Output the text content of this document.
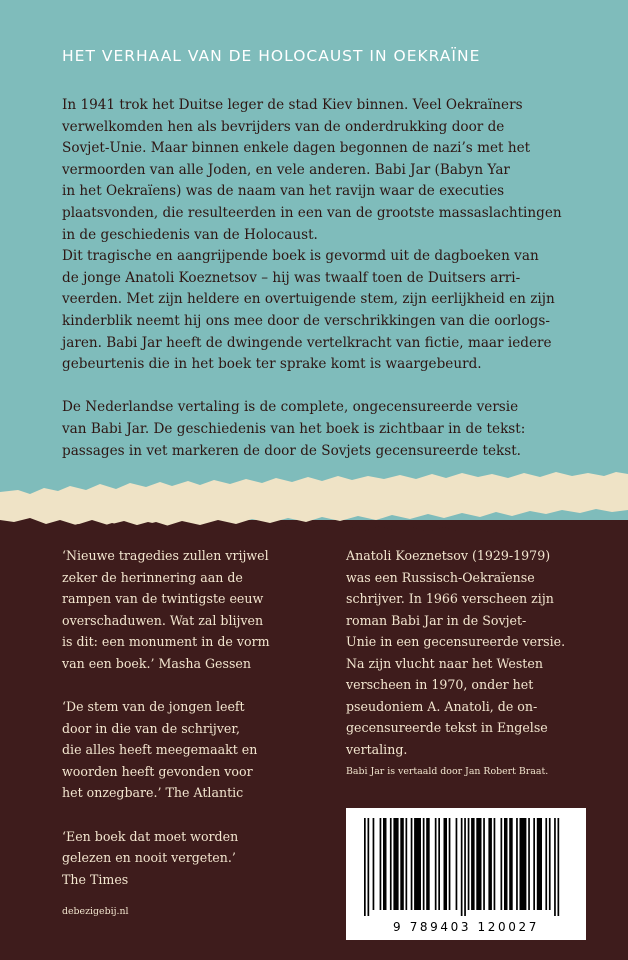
HET VERHAAL VAN DE HOLOCAUST IN OEKRAÏNE

In 1941 trok het Duitse leger de stad Kiev binnen. Veel Oekraïners
verwelkomden hen als bevrijders van de onderdrukking door de
Sovjet-Unie. Maar binnen enkele dagen begonnen de nazi’s met het
vermoorden van alle Joden, en vele anderen. Babi Jar (Babyn Yar
in het Oekraïens) was de naam van het ravijn waar de executies
plaatsvonden, die resulteerden in een van de grootste massaslachtingen
in de geschiedenis van de Holocaust.
Dit tragische en aangrijpende boek is gevormd uit de dagboeken van
de jonge Anatoli Koeznetsov – hij was twaalf toen de Duitsers arri-
veerden. Met zijn heldere en overtuigende stem, zijn eerlijkheid en zijn
kinderblik neemt hij ons mee door de verschrikkingen van die oorlogs-
jaren. Babi Jar heeft de dwingende vertelkracht van fictie, maar iedere
gebeurtenis die in het boek ter sprake komt is waargebeurd.

De Nederlandse vertaling is de complete, ongecensureerde versie
van Babi Jar. De geschiedenis van het boek is zichtbaar in de tekst:
passages in vet markeren de door de Sovjets gecensureerde tekst.

‘Nieuwe tragedies zullen vrijwel
zeker de herinnering aan de
rampen van de twintigste eeuw
overschaduwen. Wat zal blijven
is dit: een monument in de vorm
van een boek.’ Masha Gessen
‘De stem van de jongen leeft
door in die van de schrijver,
die alles heeft meegemaakt en
woorden heeft gevonden voor
het onzegbare.’ The Atlantic
‘Een boek dat moet worden
gelezen en nooit vergeten.’
The Times

Anatoli Koeznetsov (1929-1979)
was een Russisch-Oekraïense
schrijver. In 1966 verscheen zijn
roman Babi Jar in de Sovjet-
Unie in een gecensureerde versie.
Na zijn vlucht naar het Westen
verscheen in 1970, onder het
pseudoniem A. Anatoli, de on-
gecensureerde tekst in Engelse
vertaling.

Babi Jar is vertaald door Jan Robert Braat.
9 789403 120027
debezigebij.nl
